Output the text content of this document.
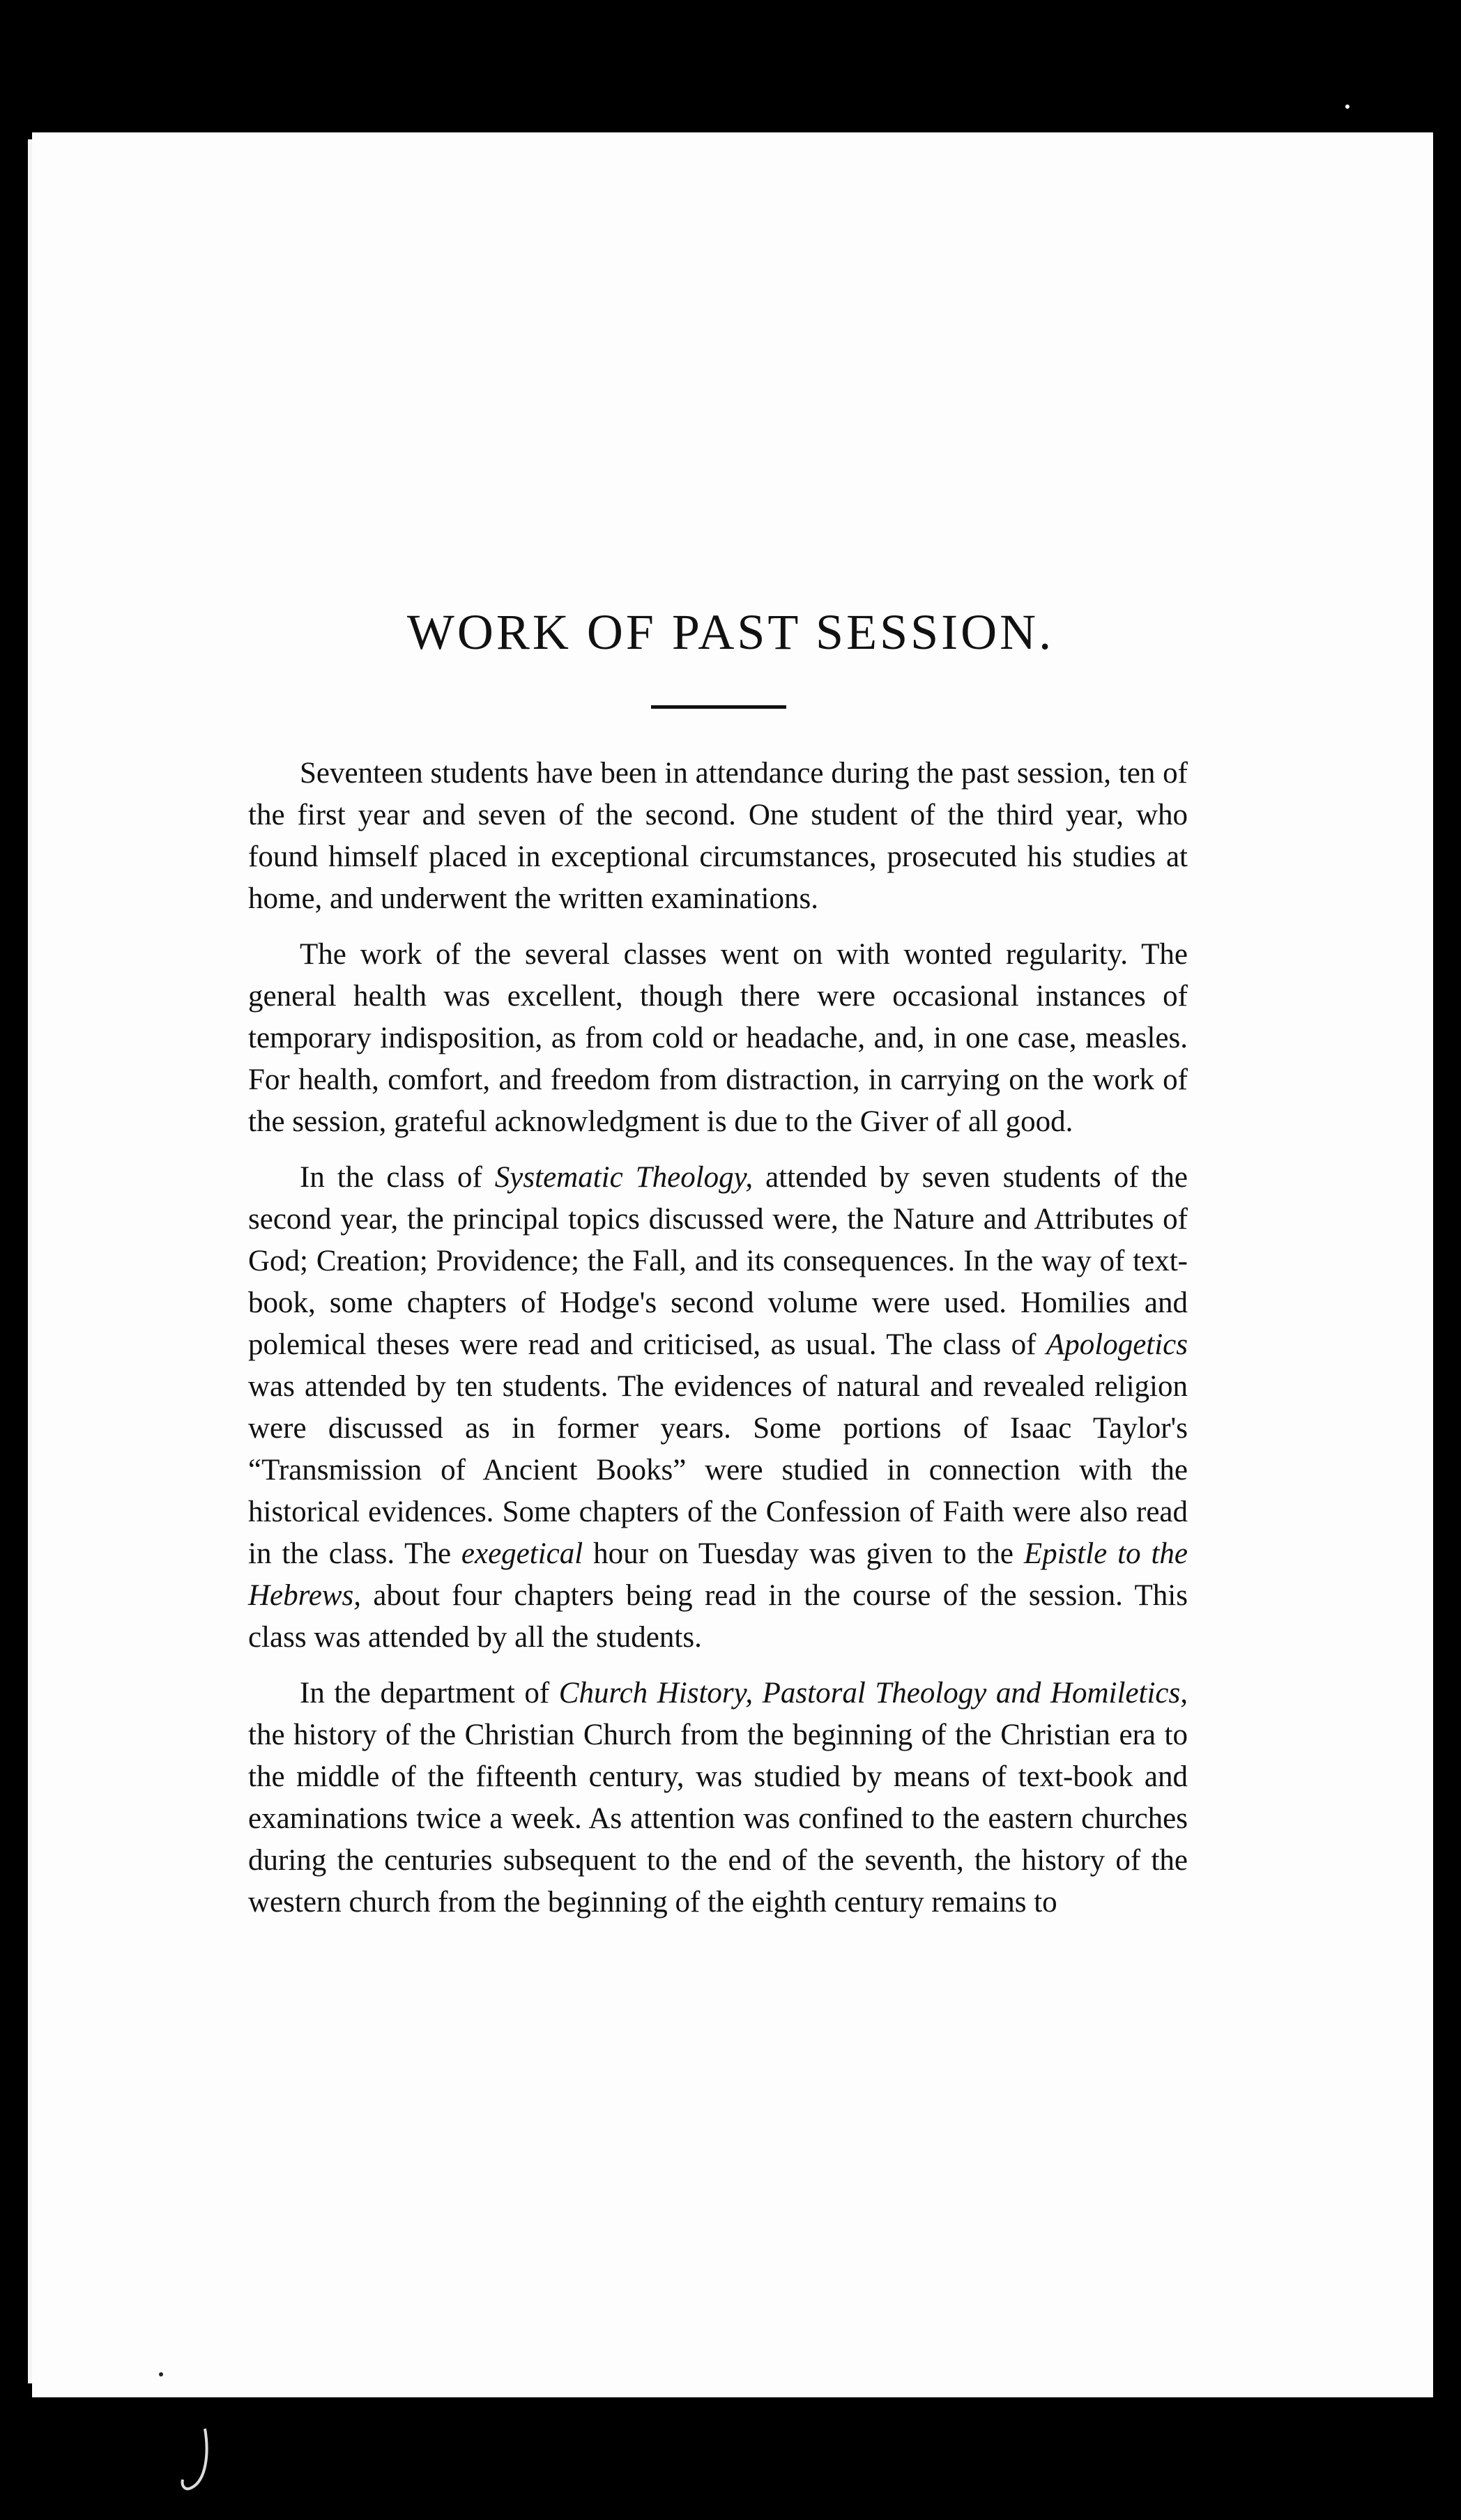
WORK OF PAST SESSION.

Seventeen students have been in attendance during the past session, ten of the first year and seven of the second. One student of the third year, who found himself placed in exceptional circumstances, prosecuted his studies at home, and underwent the written examinations.

The work of the several classes went on with wonted regularity. The general health was excellent, though there were occasional instances of temporary indisposition, as from cold or headache, and, in one case, measles. For health, comfort, and freedom from distraction, in carrying on the work of the session, grateful acknowledgment is due to the Giver of all good.

In the class of Systematic Theology, attended by seven students of the second year, the principal topics discussed were, the Nature and Attributes of God; Creation; Providence; the Fall, and its consequences. In the way of text-book, some chapters of Hodge's second volume were used. Homilies and polemical theses were read and criticised, as usual. The class of Apologetics was attended by ten students. The evidences of natural and revealed religion were discussed as in former years. Some portions of Isaac Taylor's “Transmission of Ancient Books” were studied in connection with the historical evidences. Some chapters of the Confession of Faith were also read in the class. The exegetical hour on Tuesday was given to the Epistle to the Hebrews, about four chapters being read in the course of the session. This class was attended by all the students.

In the department of Church History, Pastoral Theology and Homiletics, the history of the Christian Church from the beginning of the Christian era to the middle of the fifteenth century, was studied by means of text-book and examinations twice a week. As attention was confined to the eastern churches during the centuries subsequent to the end of the seventh, the history of the western church from the beginning of the eighth century remains to
